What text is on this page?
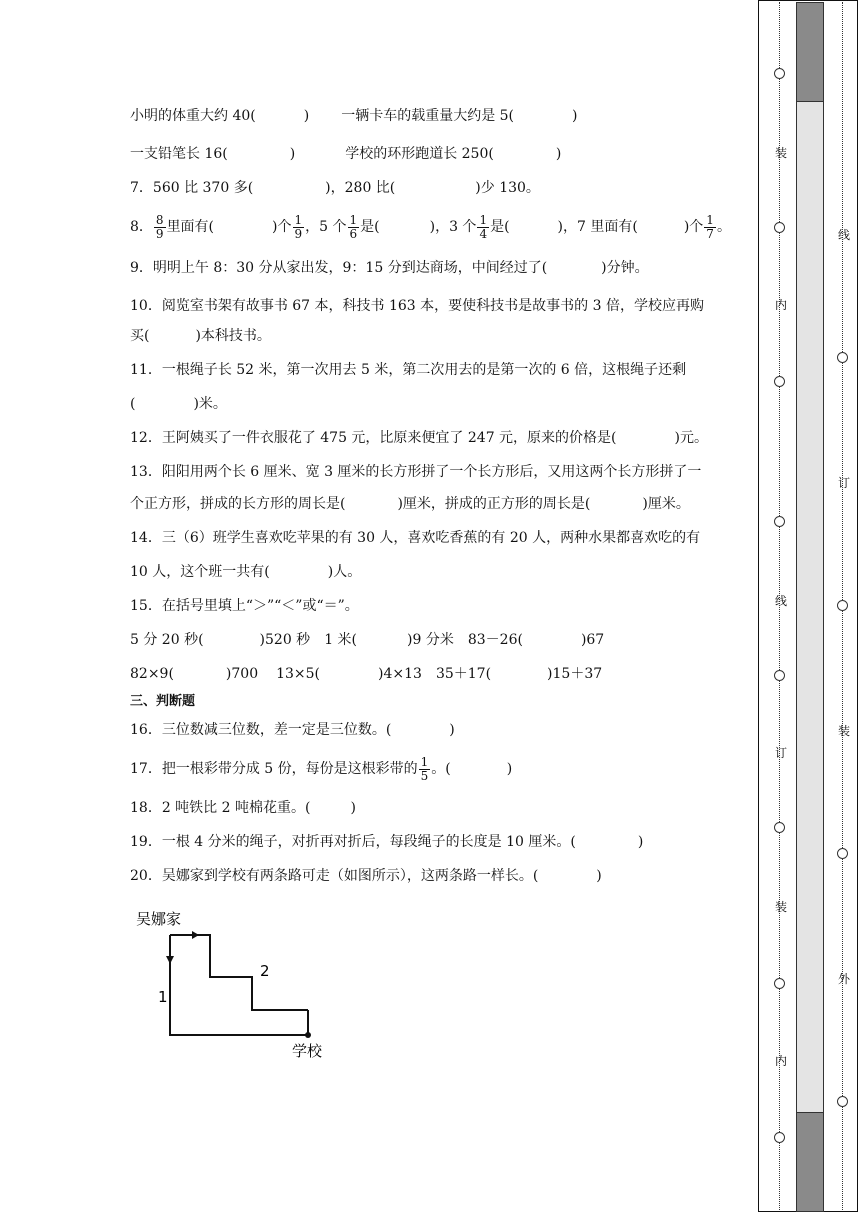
小明的体重大约 40(	) 一辆卡车的载重量大约是 5(	)
一支铅笔长 16(	)	学校的环形跑道长 250(	)
7．560 比 370 多(	)，280 比(	)少 130。
8． $\frac{8}{9}$ 里面有(	)个 $\frac{1}{9}$ ，5 个 $\frac{1}{6}$ 是(	)，3 个 $\frac{1}{4}$ 是(	)，7 里面有(	)个 $\frac{1}{7}$ 。
9．明明上午 8：30 分从家出发，9：15 分到达商场，中间经过了(	)分钟。
10．阅览室书架有故事书 67 本，科技书 163 本，要使科技书是故事书的 3 倍，学校应再购
买(	)本科技书。
11．一根绳子长 52 米，第一次用去 5 米，第二次用去的是第一次的 6 倍，这根绳子还剩
(	)米。
12．王阿姨买了一件衣服花了 475 元，比原来便宜了 247 元，原来的价格是(	)元。
13．阳阳用两个长 6 厘米、宽 3 厘米的长方形拼了一个长方形后，又用这两个长方形拼了一
个正方形，拼成的长方形的周长是(	)厘米，拼成的正方形的周长是(	)厘米。
14．三（6）班学生喜欢吃苹果的有 30 人，喜欢吃香蕉的有 20 人，两种水果都喜欢吃的有
10 人，这个班一共有(	)人。
15．在括号里填上“＞”“＜”或“＝”。
5 分 20 秒(	)520 秒 1 米(	)9 分米 83－26(	)67
82×9(	)700 13×5(	)4×13 35＋17(	)15＋37
三、判断题
16．三位数减三位数，差一定是三位数。(	)
17．把一根彩带分成 5 份，每份是这根彩带的 $\frac{1}{5}$ 。(	)
18．2 吨铁比 2 吨棉花重。(	)
19．一根 4 分米的绳子，对折再对折后，每段绳子的长度是 10 厘米。(	)
20．吴娜家到学校有两条路可走（如图所示），这两条路一样长。(	)
吴娜家
学校
1
2
装
内
线
订
装
内
线
订
装
外
